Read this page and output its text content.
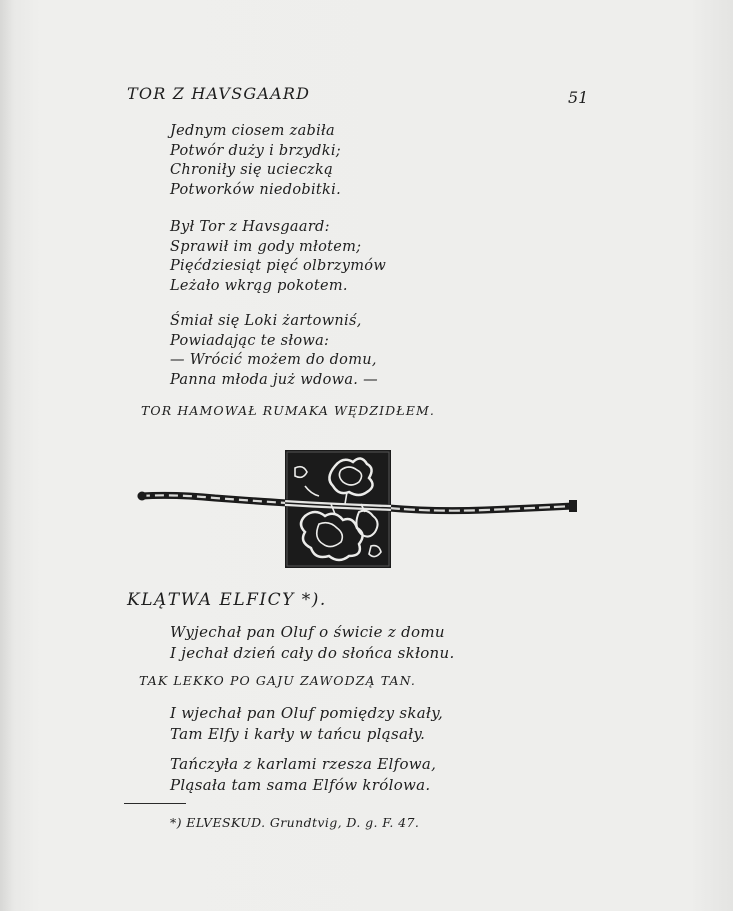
TOR Z HAVSGAARD	51
Jednym ciosem zabiła
Potwór duży i brzydki;
Chroniły się ucieczką
Potworków niedobitki.
Był Tor z Havsgaard:
Sprawił im gody młotem;
Pięćdziesiąt pięć olbrzymów
Leżało wkrąg pokotem.
Śmiał się Loki żartowniś,
Powiadając te słowa:
— Wrócić możem do domu,
Panna młoda już wdowa. —
TOR HAMOWAŁ RUMAKA WĘDZIDŁEM.
KLĄTWA ELFICY *).
Wyjechał pan Oluf o świcie z domu
I jechał dzień cały do słońca skłonu.
TAK LEKKO PO GAJU ZAWODZĄ TAN.
I wjechał pan Oluf pomiędzy skały,
Tam Elfy i karły w tańcu pląsały.
Tańczyła z karlami rzesza Elfowa,
Pląsała tam sama Elfów królowa.
*) ELVESKUD. Grundtvig, D. g. F. 47.
